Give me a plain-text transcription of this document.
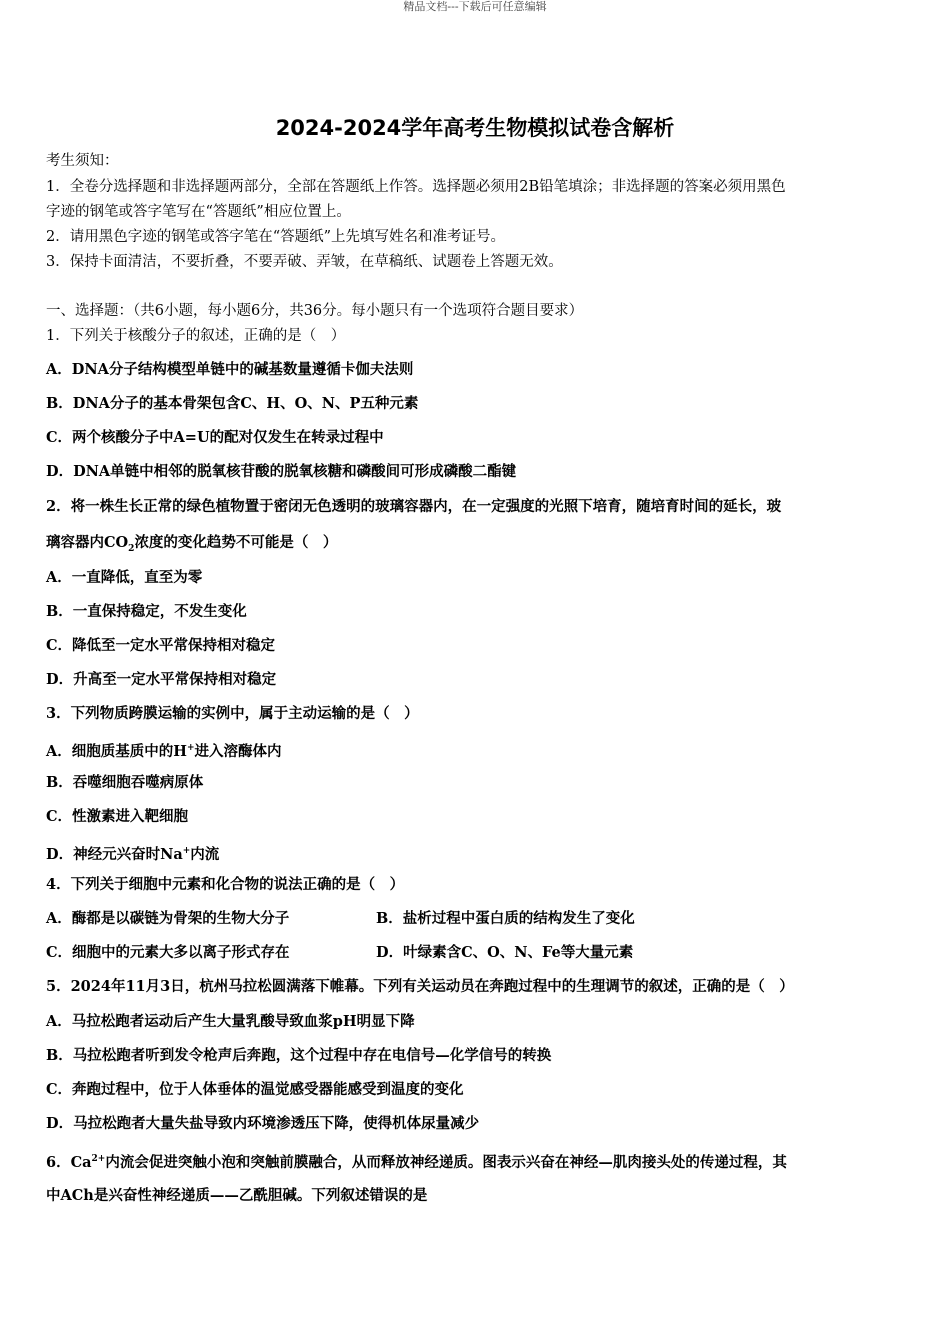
精品文档---下载后可任意编辑
2024-2024学年高考生物模拟试卷含解析
考生须知：
1．全卷分选择题和非选择题两部分，全部在答题纸上作答。选择题必须用2B铅笔填涂；非选择题的答案必须用黑色
字迹的钢笔或答字笔写在“答题纸”相应位置上。
2．请用黑色字迹的钢笔或答字笔在“答题纸”上先填写姓名和准考证号。
3．保持卡面清洁，不要折叠，不要弄破、弄皱，在草稿纸、试题卷上答题无效。
一、选择题：（共6小题，每小题6分，共36分。每小题只有一个选项符合题目要求）
1．下列关于核酸分子的叙述，正确的是（　）
A．DNA分子结构模型单链中的碱基数量遵循卡伽夫法则
B．DNA分子的基本骨架包含C、H、O、N、P五种元素
C．两个核酸分子中A=U的配对仅发生在转录过程中
D．DNA单链中相邻的脱氧核苷酸的脱氧核糖和磷酸间可形成磷酸二酯键
2．将一株生长正常的绿色植物置于密闭无色透明的玻璃容器内，在一定强度的光照下培育，随培育时间的延长，玻
璃容器内$CO_2$浓度的变化趋势不可能是（　）
A．一直降低，直至为零
B．一直保持稳定，不发生变化
C．降低至一定水平常保持相对稳定
D．升高至一定水平常保持相对稳定
3．下列物质跨膜运输的实例中，属于主动运输的是（　）
A．细胞质基质中的H+进入溶酶体内
B．吞噬细胞吞噬病原体
C．性激素进入靶细胞
D．神经元兴奋时Na+内流
4．下列关于细胞中元素和化合物的说法正确的是（　）
A．酶都是以碳链为骨架的生物大分子	B．盐析过程中蛋白质的结构发生了变化
C．细胞中的元素大多以离子形式存在	D．叶绿素含C、O、N、Fe等大量元素
5．2024年11月3日，杭州马拉松圆满落下帷幕。下列有关运动员在奔跑过程中的生理调节的叙述，正确的是（　）
A．马拉松跑者运动后产生大量乳酸导致血浆pH明显下降
B．马拉松跑者听到发令枪声后奔跑，这个过程中存在电信号—化学信号的转换
C．奔跑过程中，位于人体垂体的温觉感受器能感受到温度的变化
D．马拉松跑者大量失盐导致内环境渗透压下降，使得机体尿量减少
6．$Ca^{2+}$内流会促进突触小泡和突触前膜融合，从而释放神经递质。图表示兴奋在神经—肌肉接头处的传递过程，其
中ACh是兴奋性神经递质——乙酰胆碱。下列叙述错误的是
